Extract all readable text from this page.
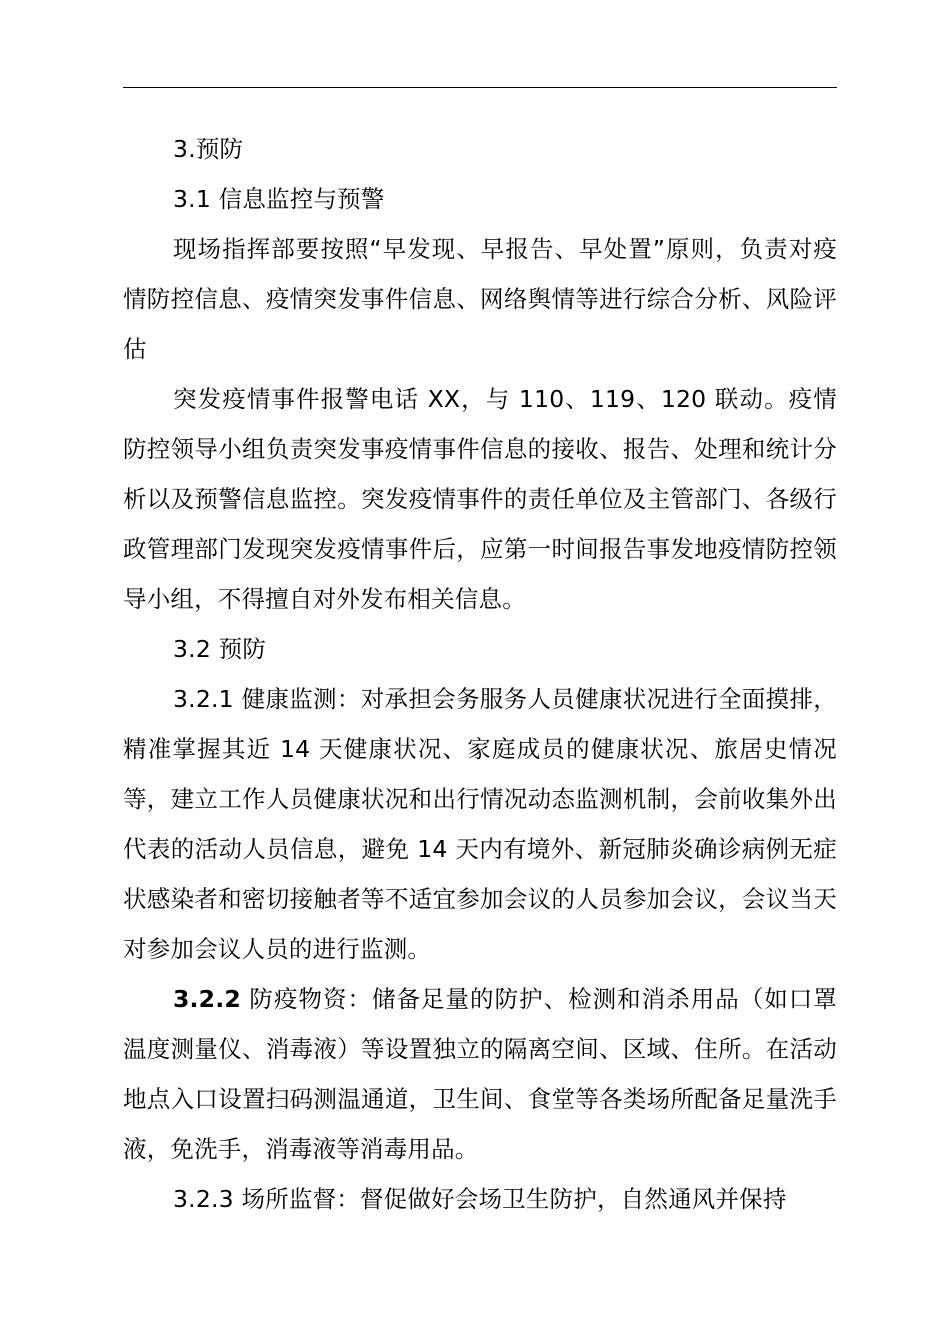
3.预防

3.1 信息监控与预警

现场指挥部要按照“早发现、早报告、早处置”原则，负责对疫情防控信息、疫情突发事件信息、网络舆情等进行综合分析、风险评估

突发疫情事件报警电话 XX，与 110、119、120 联动。疫情防控领导小组负责突发事疫情事件信息的接收、报告、处理和统计分析以及预警信息监控。突发疫情事件的责任单位及主管部门、各级行政管理部门发现突发疫情事件后，应第一时间报告事发地疫情防控领导小组，不得擅自对外发布相关信息。

3.2 预防

3.2.1 健康监测：对承担会务服务人员健康状况进行全面摸排，精准掌握其近 14 天健康状况、家庭成员的健康状况、旅居史情况等，建立工作人员健康状况和出行情况动态监测机制，会前收集外出代表的活动人员信息，避免 14 天内有境外、新冠肺炎确诊病例无症状感染者和密切接触者等不适宜参加会议的人员参加会议，会议当天对参加会议人员的进行监测。

3.2.2 防疫物资：储备足量的防护、检测和消杀用品（如口罩温度测量仪、消毒液）等设置独立的隔离空间、区域、住所。在活动地点入口设置扫码测温通道，卫生间、食堂等各类场所配备足量洗手液，免洗手，消毒液等消毒用品。

3.2.3 场所监督：督促做好会场卫生防护，自然通风并保持
